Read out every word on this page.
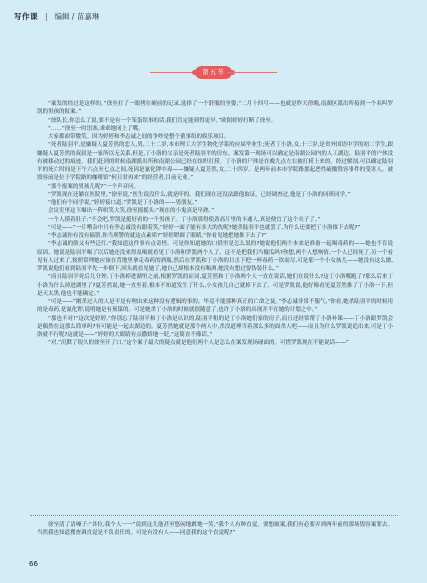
写作课 | 编辑 / 苗嘉琳
第五节

“案发的经过是这样的。”徐至打了一眼拷在硬前的记录,选择了一个舒服的坐姿,“二月十四号——也就是昨天傍晚,南湖区派出所接到一个名叫罗凯的男孩的报案。”

“徐队长,你怎么了说,要不是有一个笨蛋误事的话,我们肯定能到得更早。”欧阳婷婷打断了徐至。

“……”徐至一时语塞,乖乖地闭上了嘴。

大家都面带微笑。因为婷婷和李志诚之间的争吵是整个董事组的娱乐项目。

“死者陆羽平,是嫌疑人夏芳然的恋人,男,二十二岁,本市理工大学生物化学系的应届毕业生;死者丁小洛,女,十三岁,是省外国语中学的初二学生,跟嫌疑人夏芳然的叔叔是一家所以无关系,但是,丁小洛的父亲是死者陆羽平的房东。案发第一现场可以确定是南湖公园内的人工湖边。陆羽平的户体没有被移动过的痕迹。我们赶到的时候南湖派出所和南湖公园已经在组织打捞。丁小洛的尸体是在晚九点左右被打捞上来的。经过解剖,可以确定陆羽平的死亡时间是下午六点至七点之间,死因是氰化钾中毒——嫌疑人夏芳然,女,二十四岁。是两年前本市学院路那起恶性硫酸毁容事件的受害人。被毁容前是位于学院路的咖啡馆“何日君再来”的经营者,目前无业。”

“那个报案的男孩儿呢?”一个声音问。

“罗凯现在还躺在医院里。”徐至说,“医生说没什么,就是吓的。我们现在还没法跟他取证。已经调查过,他是丁小洛的同班同学。”

“他们有个同学说,”婷婷接口道,“罗凯是丁小洛的——男朋友。”

会议室里这下爆出一阵哄笑大笑,徐至摇摇头:“现在的小鬼真是早熟。”

一个人摸着肚子:“不会吧,罗凯是挺好看的一个男孩子。丁小洛那得使劲高片里的卡通人,真是便宜了这个夹子了。”

“可是——”一片嘈杂中只有李志诚没有跟着笑,“婷婷一面子能有多大的仇呢?她杀陆羽平也就罢了,为什么还要把丁小洛推下去呢?”

“李志诚你有没有搞错,你当刑警的就这点素质?”婷婷瞪圆了眼睛,“你看见她把她推下去了?”

“李志诚的脸又有些泛红:“我知道这件事有点奇怪。可是你知道她的口供里是怎么说的?她说他们两个本来是准备一起喝毒药的——她也不肯说原因。她说是陆羽平喝了以后她还没来得及喝就看见丁小洛和罗凯两个人了。这不是把我们当傻瓜吗?你想,两个人想殉情,一个人已经死了,另一个看见有人过来了,按照常理她应该在背地里拿走毒药的酒瓶,然后在罗凯和丁小洛的目击下把一杯毒药一饮而尽,可是那一个小女孩儿——她没有这么做,罗凯说他们看到陆羽平先一步倒下,回头就看见她了,她自己却根本没有喝酒,她没有想过要伪装什么。”

“而且陆羽平死后几分钟,丁小洛掉进湖里之前,根据罗凯的证词,夏芳然和丁小洛两个人一直在说话,她们在说什么?这丁小洛哪跑了?那么后来丁小洛为什么掉进湖里了?夏芳然说,她一直坐着,根本不知道发生了什么,小女孩儿自己就掉下去了。可是罗凯说,他好像看见夏芳然推了丁小洛一下,但是天太黑,他也不能确定。”

“可是——”刚杀过人的人是不是有理由来这种没有逻辑的事的。毕竟不能那种真正的亡命之徒。”李志诚非常不服气,“你看,她杀陆羽平的时候用的是毒药,是氰化钾,说明她是有预谋的。可是她杀丁小洛的时候就很随意了,也许丁小洛的出现并不在她的计划之中。”

“那也不对!”这次是婷婷,“你别忘了陆羽平和丁小洛是认识的,陆羽平租的是丁小洛她们家的房子,而且还经常帮丁小洛补课——丁小洛跟罗凯会是偶然在这那么简单吗?有可能是一起去湖边的。夏芳然她就是那个两人中,杀没道理当着那么多的面杀人吧——而且为什么罗凯说追出来,可是丁小洛就不行呢?这就是——”婷婷的大眼睛有点撒娇地一眨,“这简直不像话。”

“对,”沉默了很久的徐至开了口,“这个案子最大的疑点就是他们两个人是怎么在案发现场碰面的。可惜罗凯现在不能说话——”

徐至清了清嗓子:“各位,我个人一一”说到这儿他甚至悠闲地踱地一笑,“我个人有种直觉。要想破案,我们有必要弄到两年前的那场毁容案罪去。当然我也知道搜查调直觉是不负责任的。可是有没有人——同意我的这个直觉呢?”

66
